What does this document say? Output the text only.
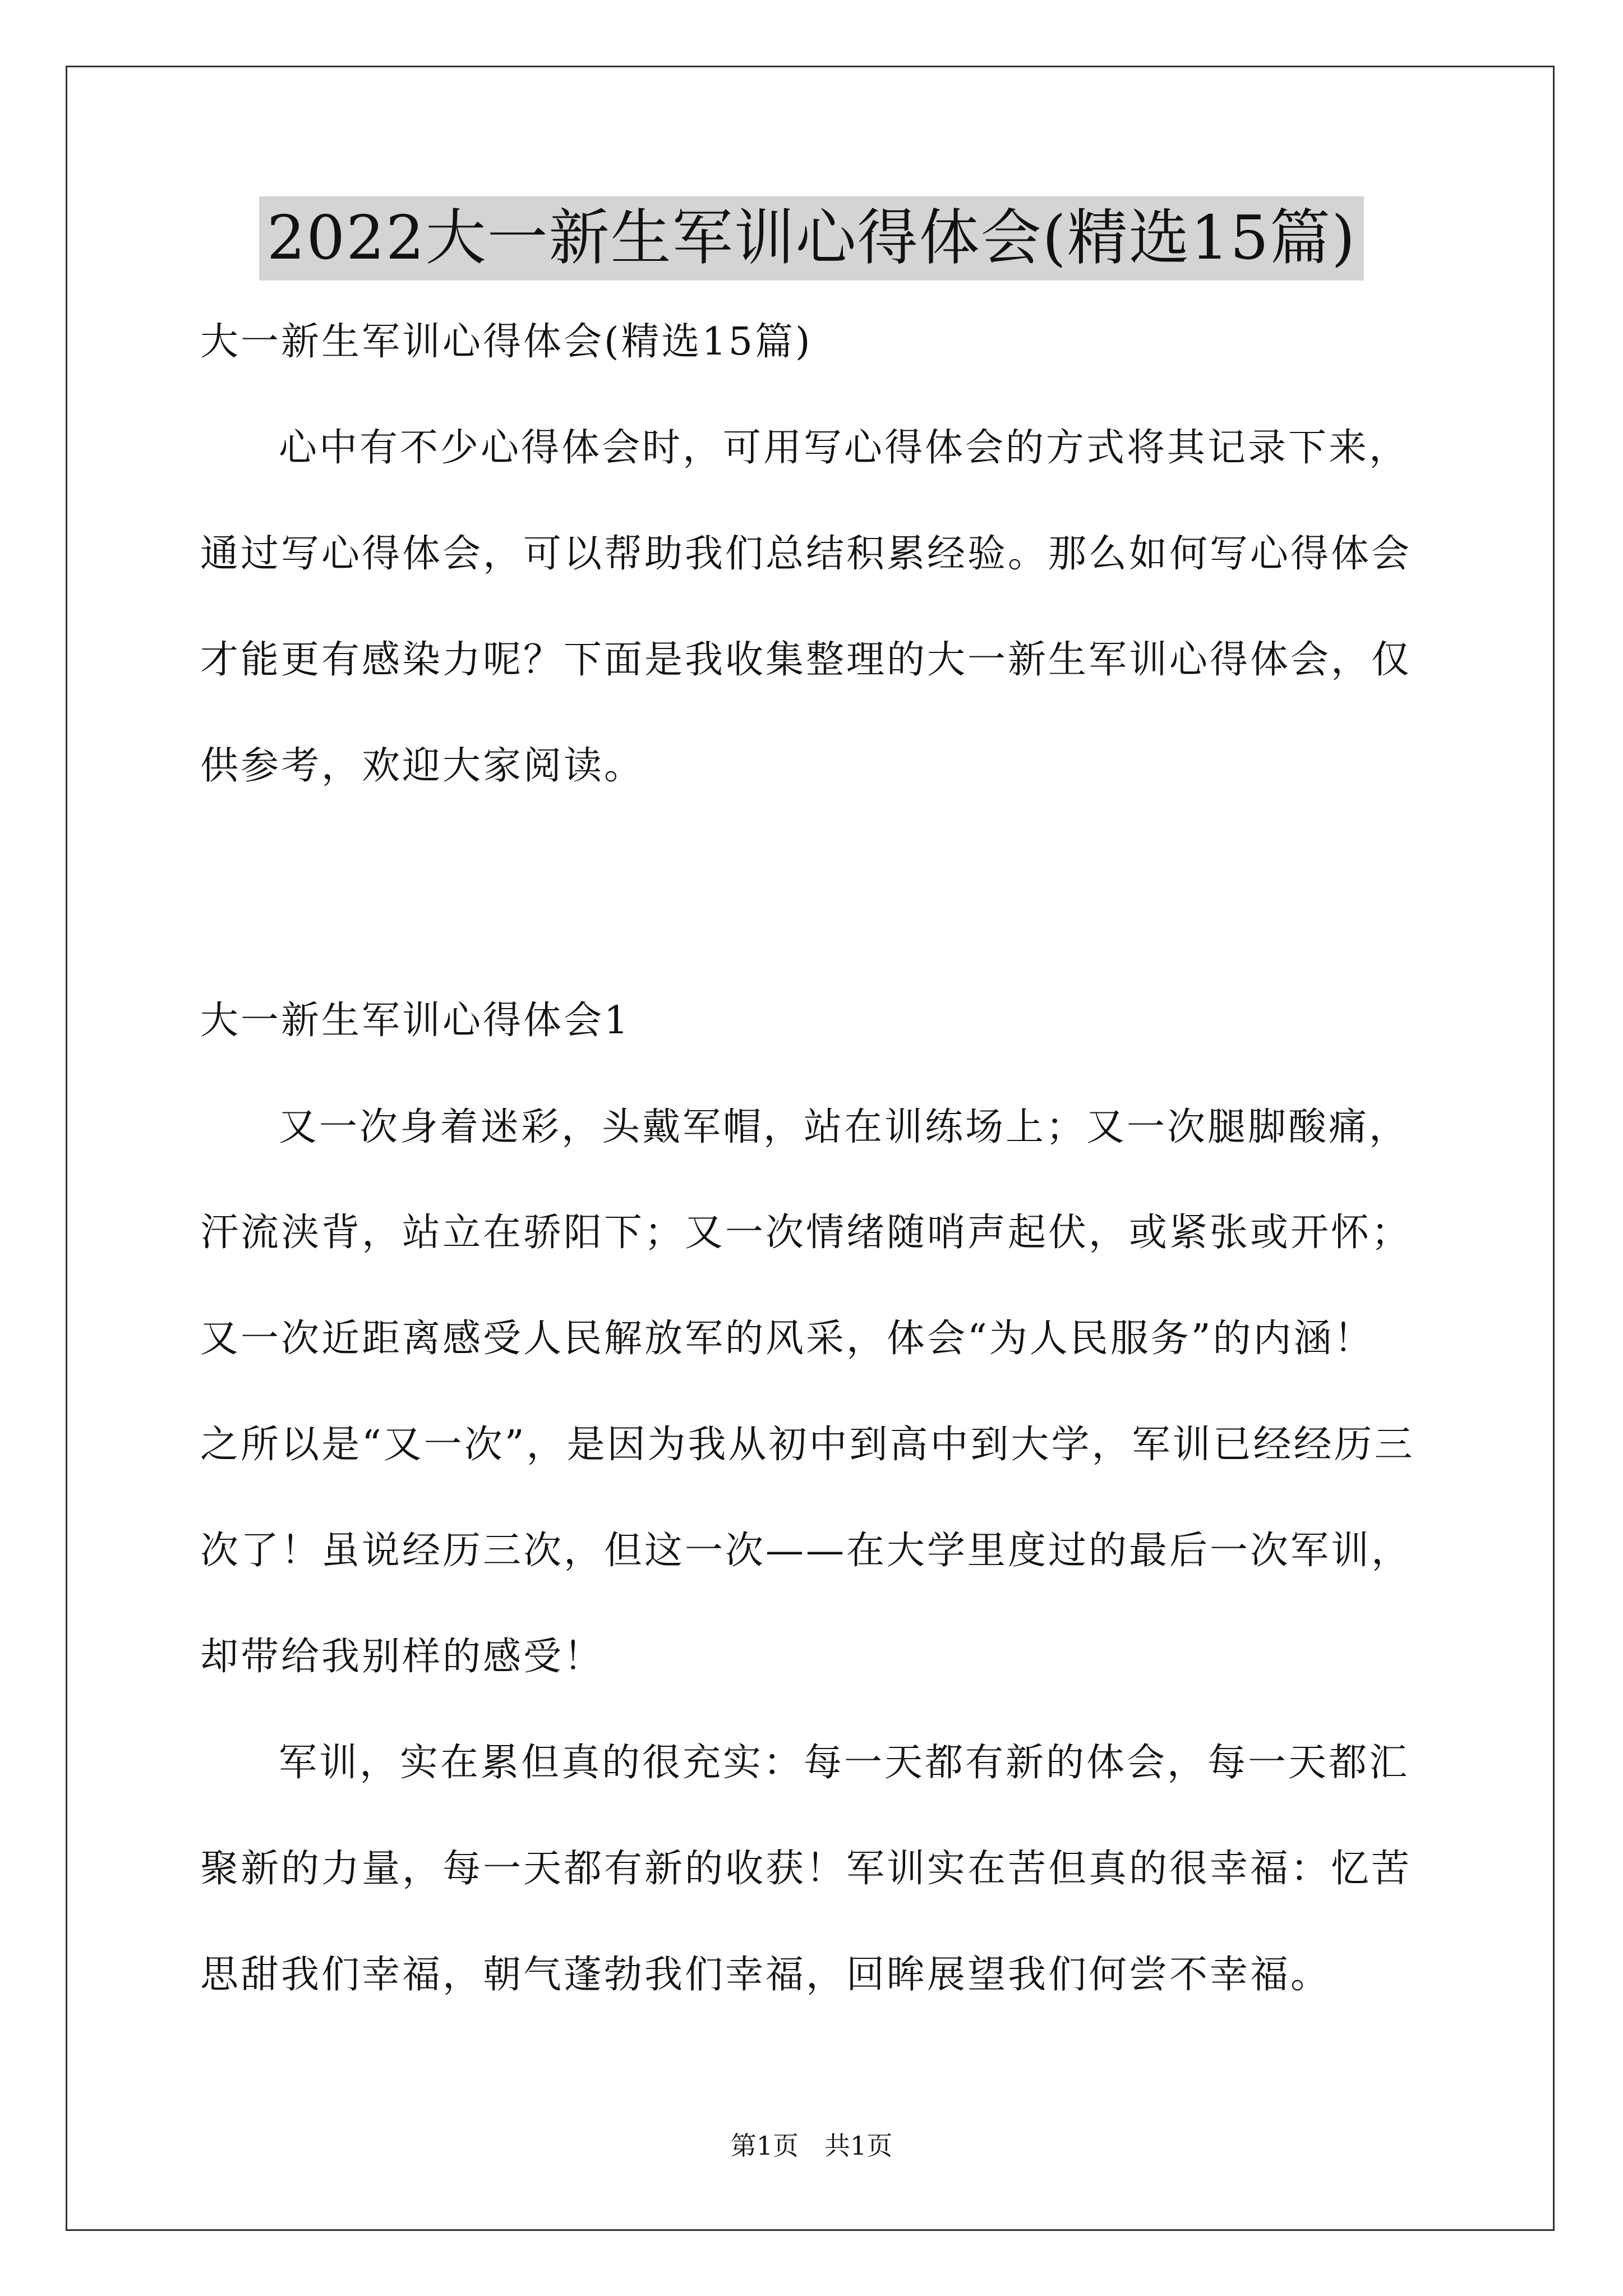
2022大一新生军训心得体会(精选15篇)
大一新生军训心得体会(精选15篇)
心中有不少心得体会时，可用写心得体会的方式将其记录下来，
通过写心得体会，可以帮助我们总结积累经验。那么如何写心得体会
才能更有感染力呢？下面是我收集整理的大一新生军训心得体会，仅
供参考，欢迎大家阅读。
大一新生军训心得体会1
又一次身着迷彩，头戴军帽，站在训练场上；又一次腿脚酸痛，
汗流浃背，站立在骄阳下；又一次情绪随哨声起伏，或紧张或开怀；
又一次近距离感受人民解放军的风采，体会“为人民服务”的内涵！
之所以是“又一次”，是因为我从初中到高中到大学，军训已经经历三
次了！虽说经历三次，但这一次——在大学里度过的最后一次军训，
却带给我别样的感受！
军训，实在累但真的很充实：每一天都有新的体会，每一天都汇
聚新的力量，每一天都有新的收获！军训实在苦但真的很幸福：忆苦
思甜我们幸福，朝气蓬勃我们幸福，回眸展望我们何尝不幸福。
第1页　共1页
